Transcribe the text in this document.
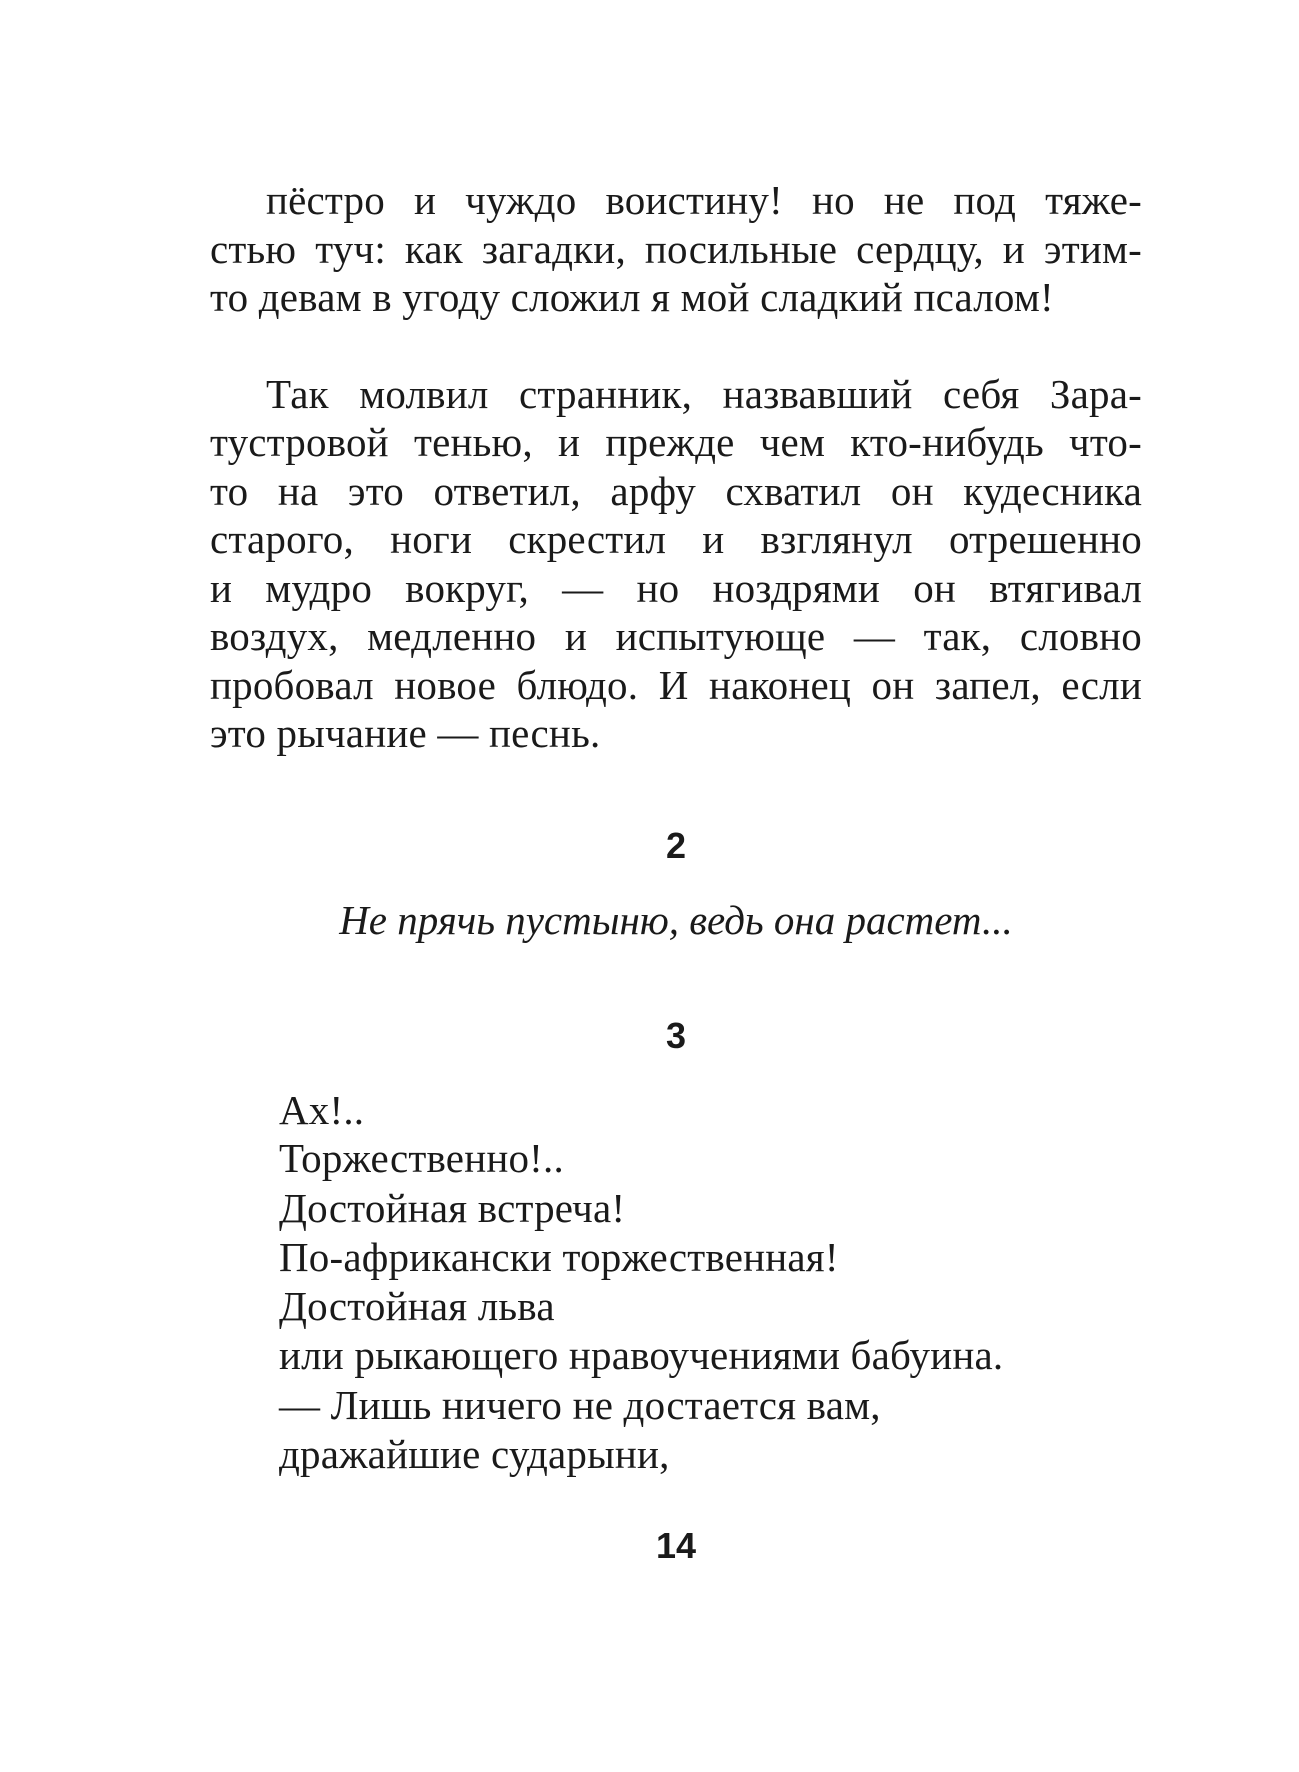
пёстро и чуждо воистину! но не под тяже-
стью туч: как загадки, посильные сердцу, и этим-
то девам в угоду сложил я мой сладкий псалом!
Так молвил странник, назвавший себя Зара-
тустровой тенью, и прежде чем кто-нибудь что-
то на это ответил, арфу схватил он кудесника
старого, ноги скрестил и взглянул отрешенно
и мудро вокруг, — но ноздрями он втягивал
воздух, медленно и испытующе — так, словно
пробовал новое блюдо. И наконец он запел, если
это рычание — песнь.
2
Не прячь пустыню, ведь она растет...
3
Ах!..
Торжественно!..
Достойная встреча!
По-африкански торжественная!
Достойная льва
или рыкающего нравоучениями бабуина.
— Лишь ничего не достается вам,
дражайшие сударыни,
14
